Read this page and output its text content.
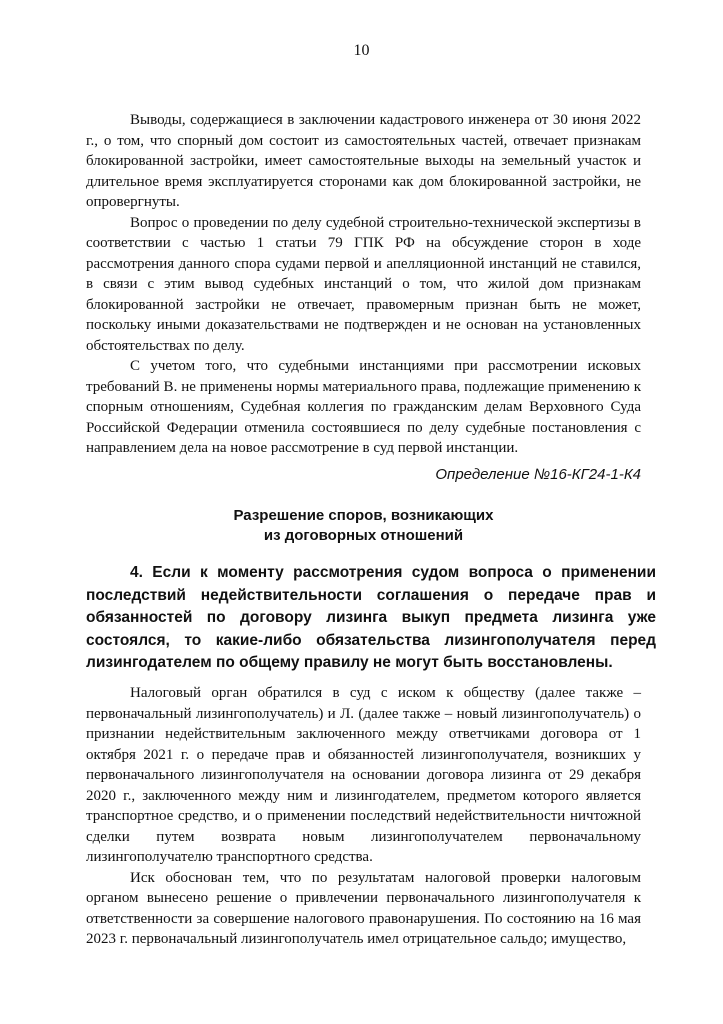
10

Выводы, содержащиеся в заключении кадастрового инженера от 30 июня 2022 г., о том, что спорный дом состоит из самостоятельных частей, отвечает признакам блокированной застройки, имеет самостоятельные выходы на земельный участок и длительное время эксплуатируется сторонами как дом блокированной застройки, не опровергнуты.

Вопрос о проведении по делу судебной строительно-технической экспертизы в соответствии с частью 1 статьи 79 ГПК РФ на обсуждение сторон в ходе рассмотрения данного спора судами первой и апелляционной инстанций не ставился, в связи с этим вывод судебных инстанций о том, что жилой дом признакам блокированной застройки не отвечает, правомерным признан быть не может, поскольку иными доказательствами не подтвержден и не основан на установленных обстоятельствах по делу.

С учетом того, что судебными инстанциями при рассмотрении исковых требований В. не применены нормы материального права, подлежащие применению к спорным отношениям, Судебная коллегия по гражданским делам Верховного Суда Российской Федерации отменила состоявшиеся по делу судебные постановления с направлением дела на новое рассмотрение в суд первой инстанции.

Определение №16-КГ24-1-К4
Разрешение споров, возникающих
из договорных отношений

4. Если к моменту рассмотрения судом вопроса о применении последствий недействительности соглашения о передаче прав и обязанностей по договору лизинга выкуп предмета лизинга уже состоялся, то какие-либо обязательства лизингополучателя перед лизингодателем по общему правилу не могут быть восстановлены.

Налоговый орган обратился в суд с иском к обществу (далее также – первоначальный лизингополучатель) и Л. (далее также – новый лизингополучатель) о признании недействительным заключенного между ответчиками договора от 1 октября 2021 г. о передаче прав и обязанностей лизингополучателя, возникших у первоначального лизингополучателя на основании договора лизинга от 29 декабря 2020 г., заключенного между ним и лизингодателем, предметом которого является транспортное средство, и о применении последствий недействительности ничтожной сделки путем возврата новым лизингополучателем первоначальному лизингополучателю транспортного средства.

Иск обоснован тем, что по результатам налоговой проверки налоговым органом вынесено решение о привлечении первоначального лизингополучателя к ответственности за совершение налогового правонарушения. По состоянию на 16 мая 2023 г. первоначальный лизингополучатель имел отрицательное сальдо; имущество,
